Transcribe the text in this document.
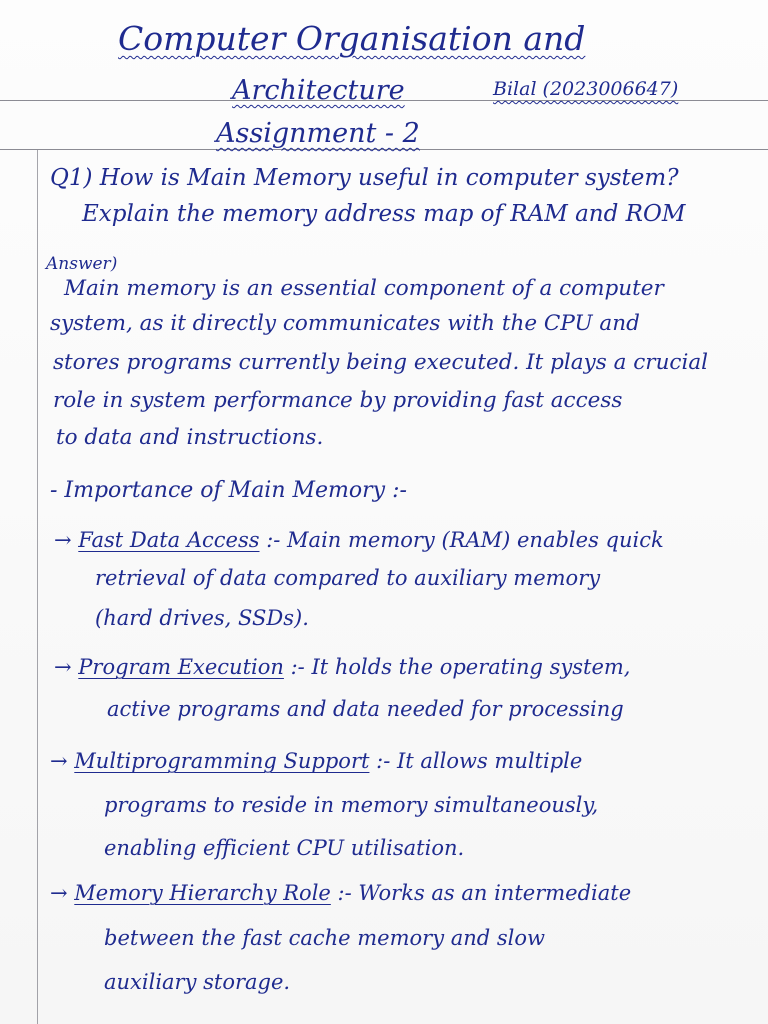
Computer Organisation and
Architecture	Bilal (2023006647)
Assignment - 2
Q1) How is Main Memory useful in computer system?
Explain the memory address map of RAM and ROM
Answer)
Main memory is an essential component of a computer
system, as it directly communicates with the CPU and
stores programs currently being executed. It plays a crucial
role in system performance by providing fast access
to data and instructions.
- Importance of Main Memory :-
→ Fast Data Access :- Main memory (RAM) enables quick
retrieval of data compared to auxiliary memory
(hard drives, SSDs).
→ Program Execution :- It holds the operating system,
active programs and data needed for processing
→ Multiprogramming Support :- It allows multiple
programs to reside in memory simultaneously,
enabling efficient CPU utilisation.
→ Memory Hierarchy Role :- Works as an intermediate
between the fast cache memory and slow
auxiliary storage.
